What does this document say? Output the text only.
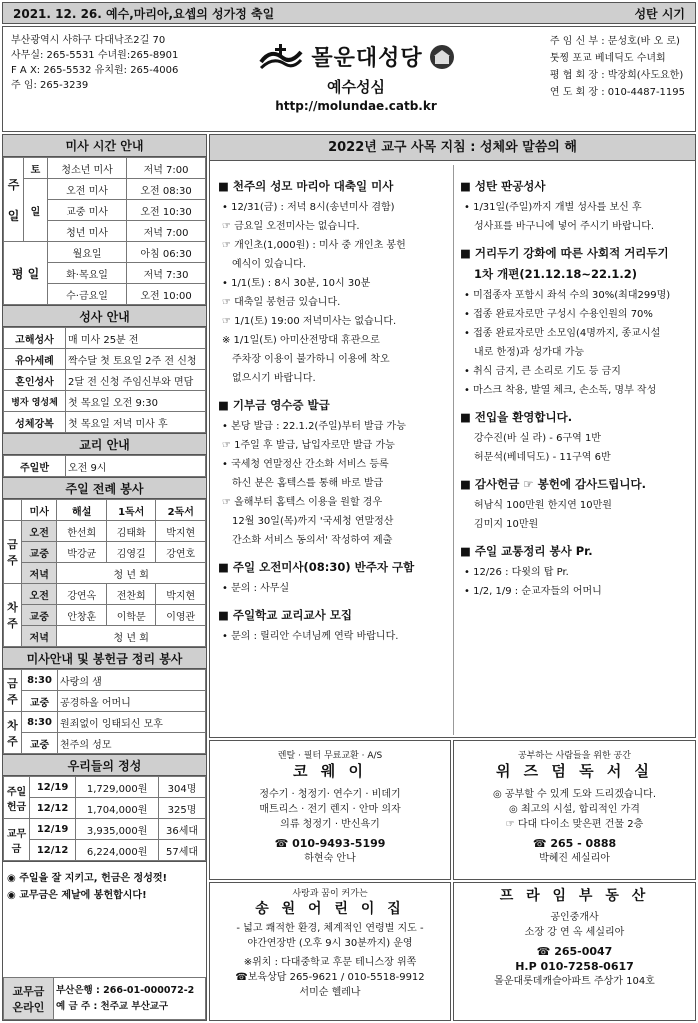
2021. 12. 26. 예수,마리아,요셉의 성가정 축일	성탄 시기
부산광역시 사하구 다대낙조2길 70
사무실: 265-5531 수녀원:265-8901
F A X: 265-5532 유치원: 265-4006
주 임: 265-3239
몰운대성당
예수성심
http://molundae.catb.kr
주 임 신 부 : 문성호(바 오 로)
툿찡 포교 베네딕도 수녀회
평 협 회 장 : 박장희(사도요한)
연 도 회 장 : 010-4487-1195
미사 시간 안내
주

일	토	청소년 미사	저녁 7:00
	일	오전 미사	오전 08:30
		교중 미사	오전 10:30
		청년 미사	저녁 7:00
평 일		월요일	아침 06:30
		화·목요일	저녁 7:30
		수·금요일	오전 10:00
성사 안내
고해성사	매 미사 25분 전
유아세례	짝수달 첫 토요일 2주 전 신청
혼인성사	2달 전 신청 주임신부와 면담
병자 영성체	첫 목요일 오전 9:30
성체강복	첫 목요일 저녁 미사 후
교리 안내
주일반	오전 9시
주일 전례 봉사
	미사	해설	1독서	2독서
금주	오전	한선희	김태화	박지현
	교중	박강균	김영길	강연호
	저녁	청 년 회		
차주	오전	강연옥	전찬희	박지현
	교중	안창훈	이학문	이영관
	저녁	청 년 회		
미사안내 및 봉헌금 정리 봉사
금주	8:30	사랑의 샘
	교중	공경하올 어머니
차주	8:30	원죄없이 잉태되신 모후
	교중	천주의 성모
우리들의 정성
주일헌금	12/19	1,729,000원	304명
	12/12	1,704,000원	325명
교무금	12/19	3,935,000원	36세대
	12/12	6,224,000원	57세대
◉ 주일을 잘 지키고, 헌금은 정성껏!
◉ 교무금은 제날에 봉헌합시다!
교무금 온라인	
부산은행 : 266-01-000072-2
예 금 주 : 천주교 부산교구
2022년 교구 사목 지침 : 성체와 말씀의 해
■ 천주의 성모 마리아 대축일 미사

• 12/31(금) : 저녁 8시(송년미사 겸함)

☞ 금요일 오전미사는 없습니다.

☞ 개인초(1,000원) : 미사 중 개인초 봉헌

예식이 있습니다.

• 1/1(토) : 8시 30분, 10시 30분

☞ 대축일 봉헌금 있습니다.

☞ 1/1(토) 19:00 저녁미사는 없습니다.

※ 1/1일(토) 아미산전망대 휴관으로

주차장 이용이 불가하니 이용에 착오

없으시기 바랍니다.

■ 기부금 영수증 발급

• 본당 발급 : 22.1.2(주일)부터 발급 가능

☞ 1주일 후 발급, 납입자로만 발급 가능

• 국세청 연말정산 간소화 서비스 등록

하신 분은 홈텍스를 통해 바로 발급

☞ 올해부터 홈텍스 이용을 원할 경우

12월 30일(목)까지 '국세청 연말정산

간소화 서비스 동의서' 작성하여 제출

■ 주일 오전미사(08:30) 반주자 구함

• 문의 : 사무실

■ 주일학교 교리교사 모집

• 문의 : 릴리안 수녀님께 연락 바랍니다.

■ 성탄 판공성사

• 1/31일(주일)까지 개별 성사를 보신 후

성사표를 바구니에 넣어 주시기 바랍니다.

■ 거리두기 강화에 따른 사회적 거리두기
1차 개편(21.12.18~22.1.2)

• 미접종자 포함시 좌석 수의 30%(최대299명)

• 접종 완료자로만 구성시 수용인원의 70%

• 접종 완료자로만 소모임(4명까지, 종교시설

내로 한정)과 성가대 가능

• 취식 금지, 큰 소리로 기도 등 금지

• 마스크 착용, 발열 체크, 손소독, 명부 작성

■ 전입을 환영합니다.

강수진(바 실 라) - 6구역 1반

허문석(베네딕도) - 11구역 6반

■ 감사헌금 ☞ 봉헌에 감사드립니다.

허남식 100만원 한지연 10만원

김미지 10만원

■ 주일 교통정리 봉사 Pr.

• 12/26 : 다윗의 탑 Pr.

• 1/2, 1/9 : 순교자들의 어머니

렌탈 · 필터 무료교환 · A/S
코 웨 이
정수기 · 청정기· 연수기 · 비데기
매트리스 · 전기 렌지 · 안마 의자
의류 청정기 · 반신욕기
☎ 010-9493-5199
하현숙 안나
공부하는 사람들을 위한 공간
위 즈 덤 독 서 실
◎ 공부할 수 있게 도와 드리겠습니다.
◎ 최고의 시설, 합리적인 가격
☞ 다대 다이소 맞은편 건물 2층
☎ 265 - 0888
박혜진 세실리아
사랑과 꿈이 커가는
송 원 어 린 이 집
- 넓고 쾌적한 환경, 체계적인 연령별 지도 -
야간연장반 (오후 9시 30분까지) 운영
※위치 : 다대중학교 후문 테니스장 위쪽
☎보육상담 265-9621 / 010-5518-9912
서미순 헬레나
프 라 임 부 동 산
공인중개사
소장 강 연 옥 세실리아
☎ 265-0047
H.P 010-7258-0617
몰운대롯데캐슬아파트 주상가 104호
